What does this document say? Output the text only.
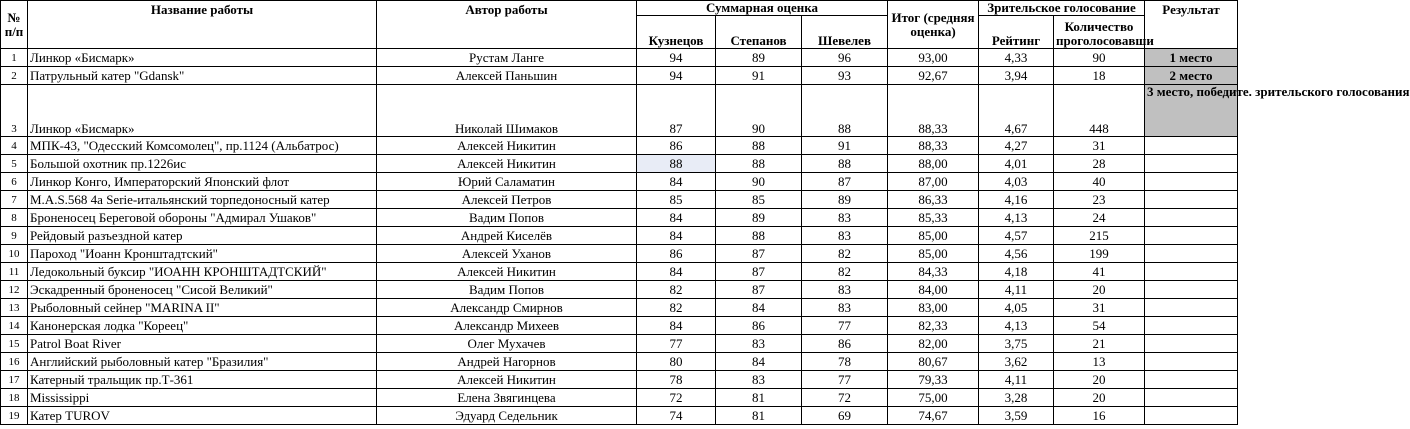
№ п/п	Название работы	Автор работы	Суммарная оценка			Итог (средняя оценка)	Зрительское голосование		Результат
			Кузнецов	Степанов	Шевелев		Рейтинг	Количество проголосовавши	
1	Линкор «Бисмарк»	Рустам Ланге	94	89	96	93,00	4,33	90	1 место
2	Патрульный катер "Gdansk"	Алексей Паньшин	94	91	93	92,67	3,94	18	2 место
3	Линкор «Бисмарк»	Николай Шимаков	87	90	88	88,33	4,67	448	3 место, победите. зрительского голосования
4	МПК-43, "Одесский Комсомолец", пр.1124 (Альбатрос)	Алексей Никитин	86	88	91	88,33	4,27	31	
5	Большой охотник пр.1226ис	Алексей Никитин	88	88	88	88,00	4,01	28	
6	Линкор Конго, Императорский Японский флот	Юрий Саламатин	84	90	87	87,00	4,03	40	
7	M.A.S.568 4a Serie-итальянский торпедоносный катер	Алексей Петров	85	85	89	86,33	4,16	23	
8	Броненосец Береговой обороны "Адмирал Ушаков"	Вадим Попов	84	89	83	85,33	4,13	24	
9	Рейдовый разъездной катер	Андрей Киселёв	84	88	83	85,00	4,57	215	
10	Пароход "Иоанн Кронштадтский"	Алексей Уханов	86	87	82	85,00	4,56	199	
11	Ледокольный буксир "ИОАНН КРОНШТАДТСКИЙ"	Алексей Никитин	84	87	82	84,33	4,18	41	
12	Эскадренный броненосец "Сисой Великий"	Вадим Попов	82	87	83	84,00	4,11	20	
13	Рыболовный сейнер "MARINA II"	Александр Смирнов	82	84	83	83,00	4,05	31	
14	Канонерская лодка "Кореец"	Александр Михеев	84	86	77	82,33	4,13	54	
15	Patrol Boat River	Олег Мухачев	77	83	86	82,00	3,75	21	
16	Английский рыболовный катер "Бразилия"	Андрей Нагорнов	80	84	78	80,67	3,62	13	
17	Катерный тральщик пр.Т-361	Алексей Никитин	78	83	77	79,33	4,11	20	
18	Mississippi	Елена Звягинцева	72	81	72	75,00	3,28	20	
19	Катер TUROV	Эдуард Седельник	74	81	69	74,67	3,59	16	
